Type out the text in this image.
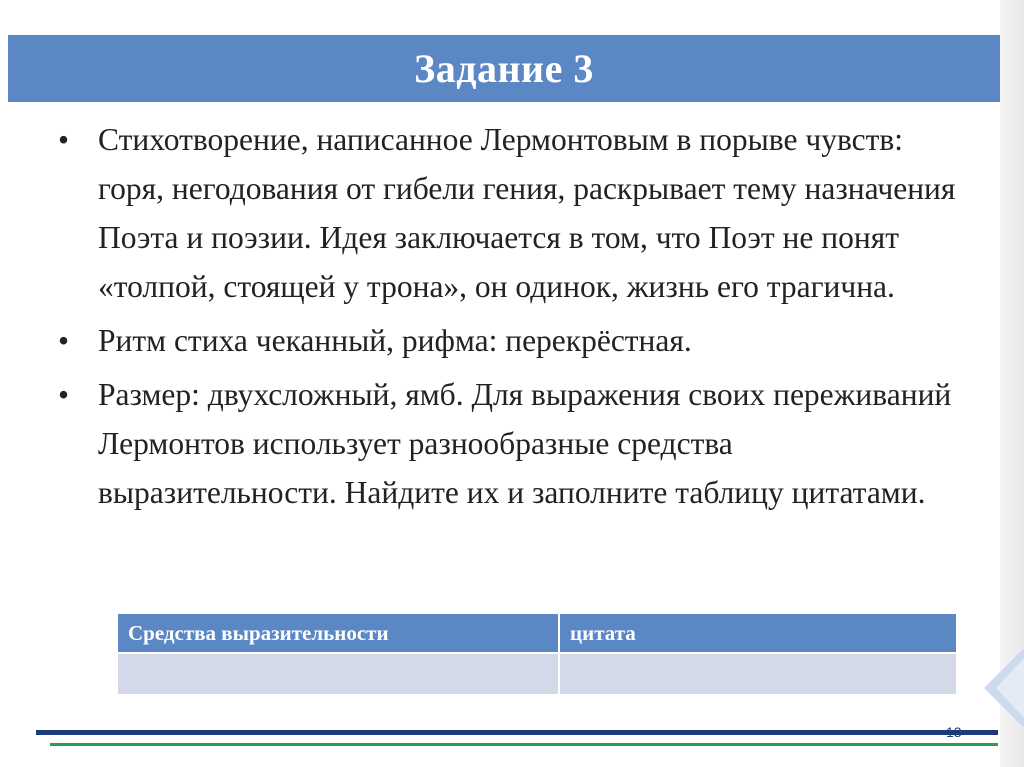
Задание 3
• Стихотворение, написанное Лермонтовым в порыве чувств: горя, негодования от гибели гения, раскрывает тему назначения Поэта и поэзии. Идея заключается в том, что Поэт не понят «толпой, стоящей у трона», он одинок, жизнь его трагична.
• Ритм стиха чеканный, рифма: перекрёстная.
• Размер: двухсложный, ямб. Для выражения своих переживаний Лермонтов использует разнообразные средства выразительности. Найдите их и заполните таблицу цитатами.
Средства выразительности	цитата

13
